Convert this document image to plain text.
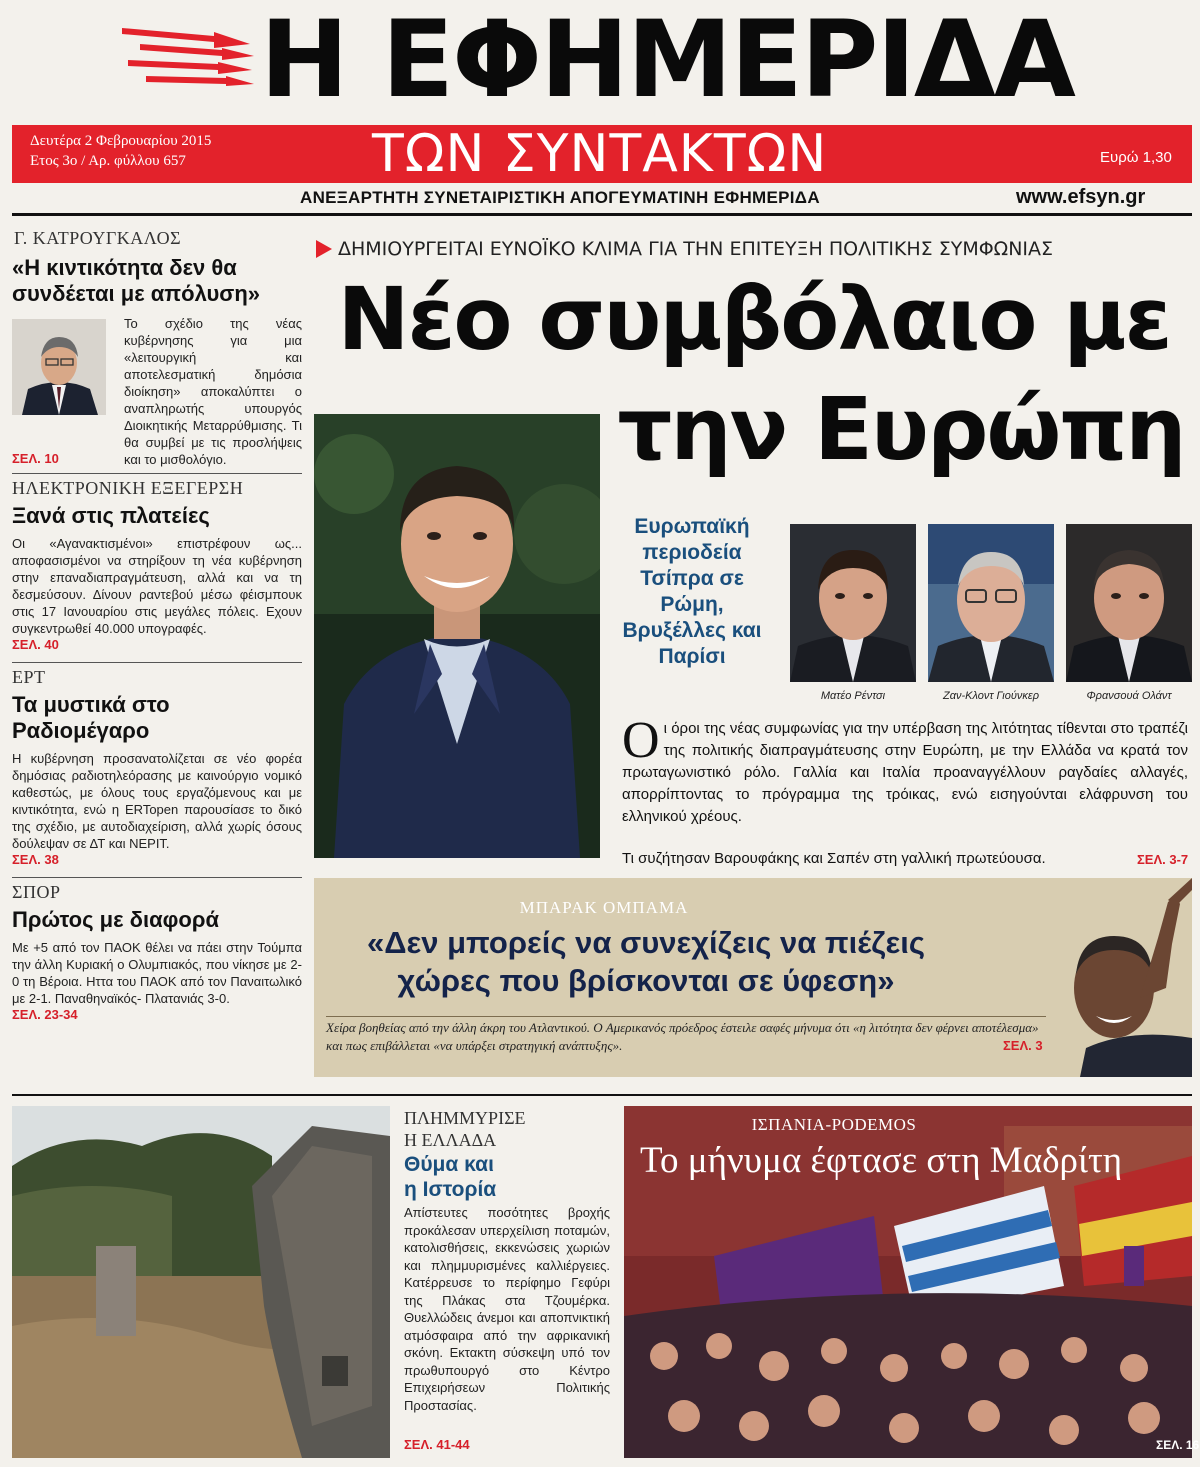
Η ΕΦΗΜΕΡΙΔΑ
Δευτέρα 2 Φεβρουαρίου 2015
Ετος 3ο / Αρ. φύλλου 657	ΤΩΝ ΣΥΝΤΑΚΤΩΝ	Ευρώ 1,30
ΑΝΕΞΑΡΤΗΤΗ ΣΥΝΕΤΑΙΡΙΣΤΙΚΗ ΑΠΟΓΕΥΜΑΤΙΝΗ ΕΦΗΜΕΡΙΔΑ	www.efsyn.gr
Γ. ΚΑΤΡΟΥΓΚΑΛΟΣ
«Η κιντικότητα δεν θα συνδέεται με απόλυση»
Το σχέδιο της νέας κυβέρνησης για μια «λειτουργική και αποτελεσματική δημόσια διοίκηση» αποκαλύπτει ο αναπληρωτής υπουργός Διοικητικής Μεταρρύθμισης. Τι θα συμβεί με τις προσλήψεις και το μισθολόγιο.
ΣΕΛ. 10
ΗΛΕΚΤΡΟΝΙΚΗ ΕΞΕΓΕΡΣΗ
Ξανά στις πλατείες
Οι «Αγανακτισμένοι» επιστρέφουν ως... αποφασισμένοι να στηρίξουν τη νέα κυβέρνηση στην επαναδιαπραγμάτευση, αλλά και να τη δεσμεύσουν. Δίνουν ραντεβού μέσω φέισμπουκ στις 17 Ιανουαρίου στις μεγάλες πόλεις. Εχουν συγκεντρωθεί 40.000 υπογραφές.
ΣΕΛ. 40
ΕΡΤ
Τα μυστικά στο Ραδιομέγαρο
Η κυβέρνηση προσανατολίζεται σε νέο φορέα δημόσιας ραδιοτηλεόρασης με καινούργιο νομικό καθεστώς, με όλους τους εργαζόμενους και με κιντικότητα, ενώ η ERTopen παρουσίασε το δικό της σχέδιο, με αυτοδιαχείριση, αλλά χωρίς όσους δούλεψαν σε ΔΤ και ΝΕΡΙΤ.
ΣΕΛ. 38
ΣΠΟΡ
Πρώτος με διαφορά
Με +5 από τον ΠΑΟΚ θέλει να πάει στην Τούμπα την άλλη Κυριακή ο Ολυμπιακός, που νίκησε με 2-0 τη Βέροια. Ηττα του ΠΑΟΚ από τον Παναιτωλικό με 2-1. Παναθηναϊκός- Πλατανιάς 3-0.
ΣΕΛ. 23-34
ΔΗΜΙΟΥΡΓΕΙΤΑΙ ΕΥΝΟΪΚΟ ΚΛΙΜΑ ΓΙΑ ΤΗΝ ΕΠΙΤΕΥΞΗ ΠΟΛΙΤΙΚΗΣ ΣΥΜΦΩΝΙΑΣ
Νέο συμβόλαιο με
την Ευρώπη
Ευρωπαϊκή περιοδεία Τσίπρα σε Ρώμη, Βρυξέλλες και Παρίσι
Ματέο Ρέντσι	Ζαν-Κλοντ Γιούνκερ	Φρανσουά Ολάντ
Οι όροι της νέας συμφωνίας για την υπέρβαση της λιτότητας τίθενται στο τραπέζι της πολιτικής διαπραγμάτευσης στην Ευρώπη, με την Ελλάδα να κρατά τον πρωταγωνιστικό ρόλο. Γαλλία και Ιταλία προαναγγέλλουν ραγδαίες αλλαγές, απορρίπτοντας το πρόγραμμα της τρόικας, ενώ εισηγούνται ελάφρυνση του ελληνικού χρέους.
Τι συζήτησαν Βαρουφάκης και Σαπέν στη γαλλική πρωτεύουσα.	ΣΕΛ. 3-7
ΜΠΑΡΑΚ ΟΜΠΑΜΑ
«Δεν μπορείς να συνεχίζεις να πιέζεις χώρες που βρίσκονται σε ύφεση»
Χείρα βοηθείας από την άλλη άκρη του Ατλαντικού. Ο Αμερικανός πρόεδρος έστειλε σαφές μήνυμα ότι «η λιτότητα δεν φέρνει αποτέλεσμα» και πως επιβάλλεται «να υπάρξει στρατηγική ανάπτυξης».	ΣΕΛ. 3
ΠΛΗΜΜΥΡΙΣΕ
Η ΕΛΛΑΔΑ
Θύμα και
η Ιστορία
Απίστευτες ποσότητες βροχής προκάλεσαν υπερχείλιση ποταμών, κατολισθήσεις, εκκενώσεις χωριών και πλημμυρισμένες καλλιέργειες. Κατέρρευσε το περίφημο Γεφύρι της Πλάκας στα Τζουμέρκα. Θυελλώδεις άνεμοι και αποπνικτική ατμόσφαιρα από την αφρικανική σκόνη. Εκτακτη σύσκεψη υπό τον πρωθυπουργό στο Κέντρο Επιχειρήσεων Πολιτικής Προστασίας.
ΣΕΛ. 41-44
ΙΣΠΑΝΙΑ-PODEMOS
Το μήνυμα έφτασε στη Μαδρίτη
ΣΕΛ. 16
